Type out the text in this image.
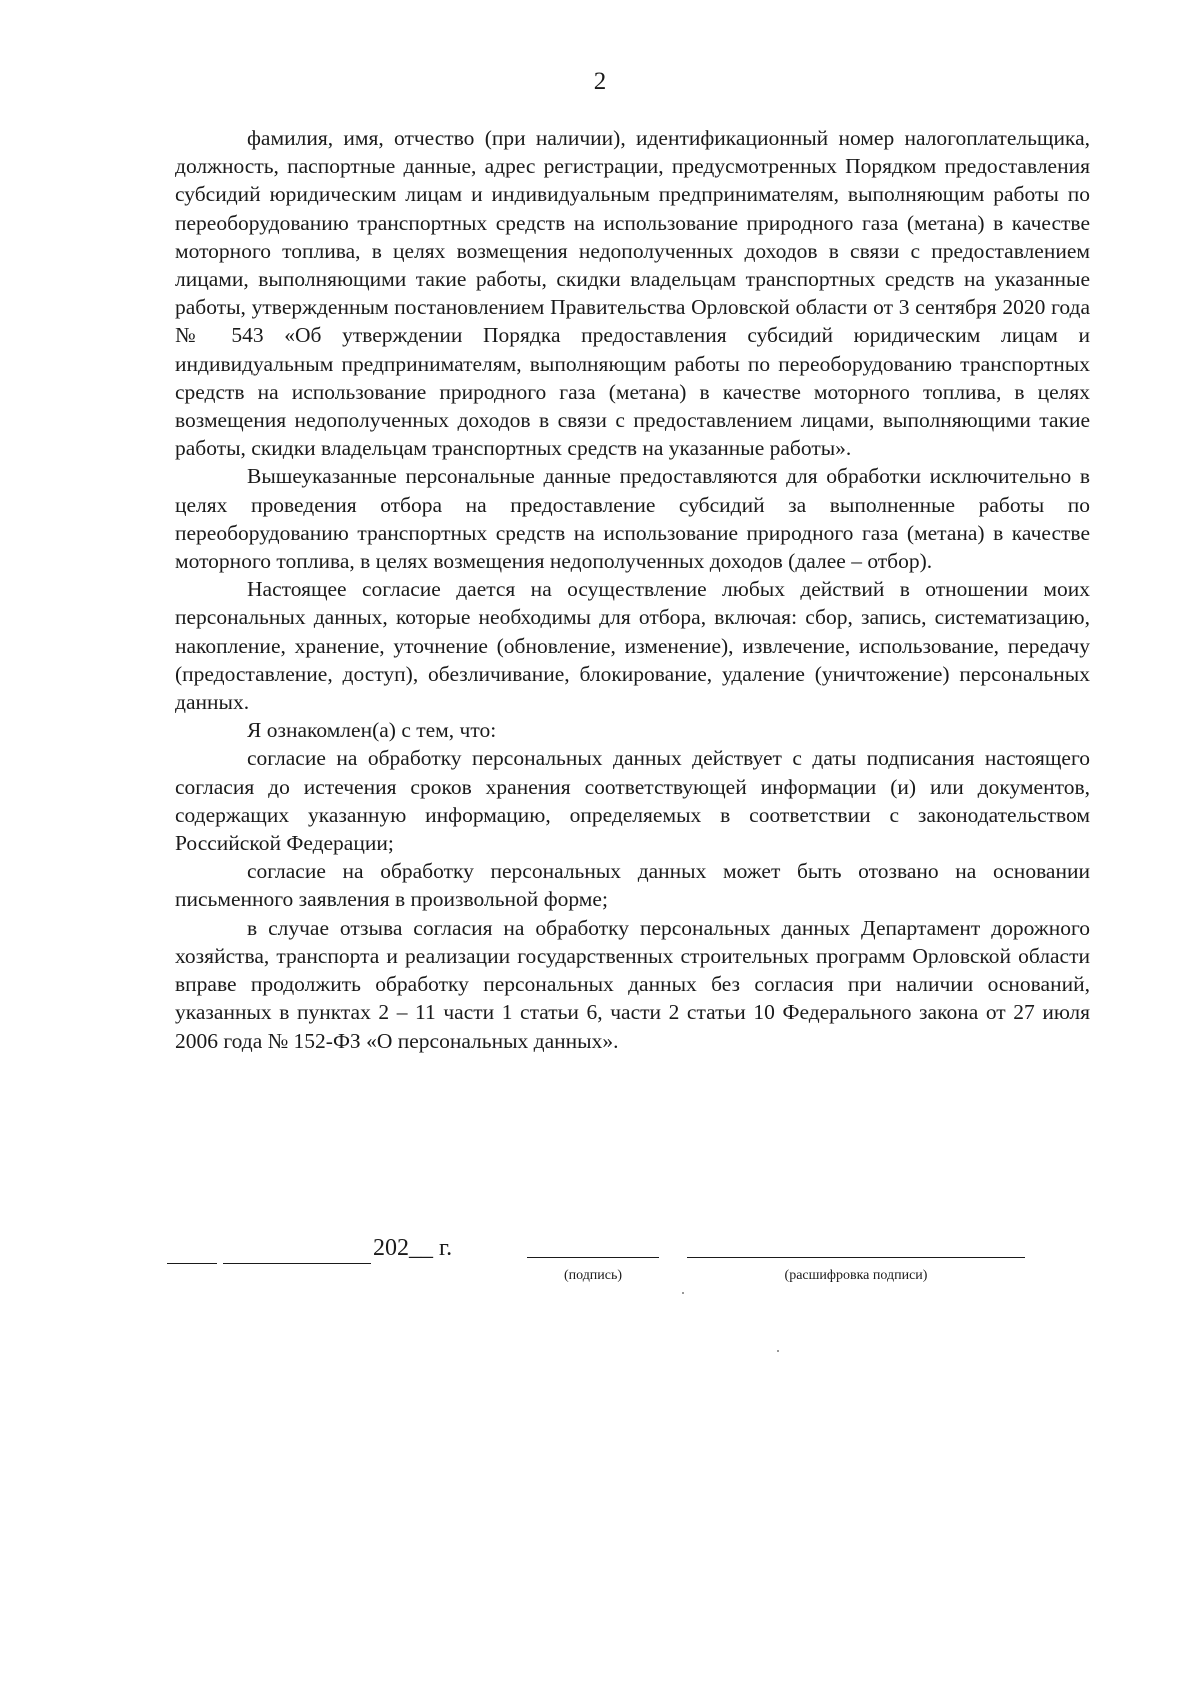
2

фамилия, имя, отчество (при наличии), идентификационный номер налогоплательщика, должность, паспортные данные, адрес регистрации, предусмотренных Порядком предоставления субсидий юридическим лицам и индивидуальным предпринимателям, выполняющим работы по переоборудованию транспортных средств на использование природного газа (метана) в качестве моторного топлива, в целях возмещения недополученных доходов в связи с предоставлением лицами, выполняющими такие работы, скидки владельцам транспортных средств на указанные работы, утвержденным постановлением Правительства Орловской области от 3 сентября 2020 года № 543 «Об утверждении Порядка предоставления субсидий юридическим лицам и индивидуальным предпринимателям, выполняющим работы по переоборудованию транспортных средств на использование природного газа (метана) в качестве моторного топлива, в целях возмещения недополученных доходов в связи с предоставлением лицами, выполняющими такие работы, скидки владельцам транспортных средств на указанные работы».

Вышеуказанные персональные данные предоставляются для обработки исключительно в целях проведения отбора на предоставление субсидий за выполненные работы по переоборудованию транспортных средств на использование природного газа (метана) в качестве моторного топлива, в целях возмещения недополученных доходов (далее – отбор).

Настоящее согласие дается на осуществление любых действий в отношении моих персональных данных, которые необходимы для отбора, включая: сбор, запись, систематизацию, накопление, хранение, уточнение (обновление, изменение), извлечение, использование, передачу (предоставление, доступ), обезличивание, блокирование, удаление (уничтожение) персональных данных.

Я ознакомлен(а) с тем, что:

согласие на обработку персональных данных действует с даты подписания настоящего согласия до истечения сроков хранения соответствующей информации (и) или документов, содержащих указанную информацию, определяемых в соответствии с законодательством Российской Федерации;

согласие на обработку персональных данных может быть отозвано на основании письменного заявления в произвольной форме;

в случае отзыва согласия на обработку персональных данных Департамент дорожного хозяйства, транспорта и реализации государственных строительных программ Орловской области вправе продолжить обработку персональных данных без согласия при наличии оснований, указанных в пунктах 2 – 11 части 1 статьи 6, части 2 статьи 10 Федерального закона от 27 июля 2006 года № 152-ФЗ «О персональных данных».

202__ г.
(подпись)	(расшифровка подписи)
